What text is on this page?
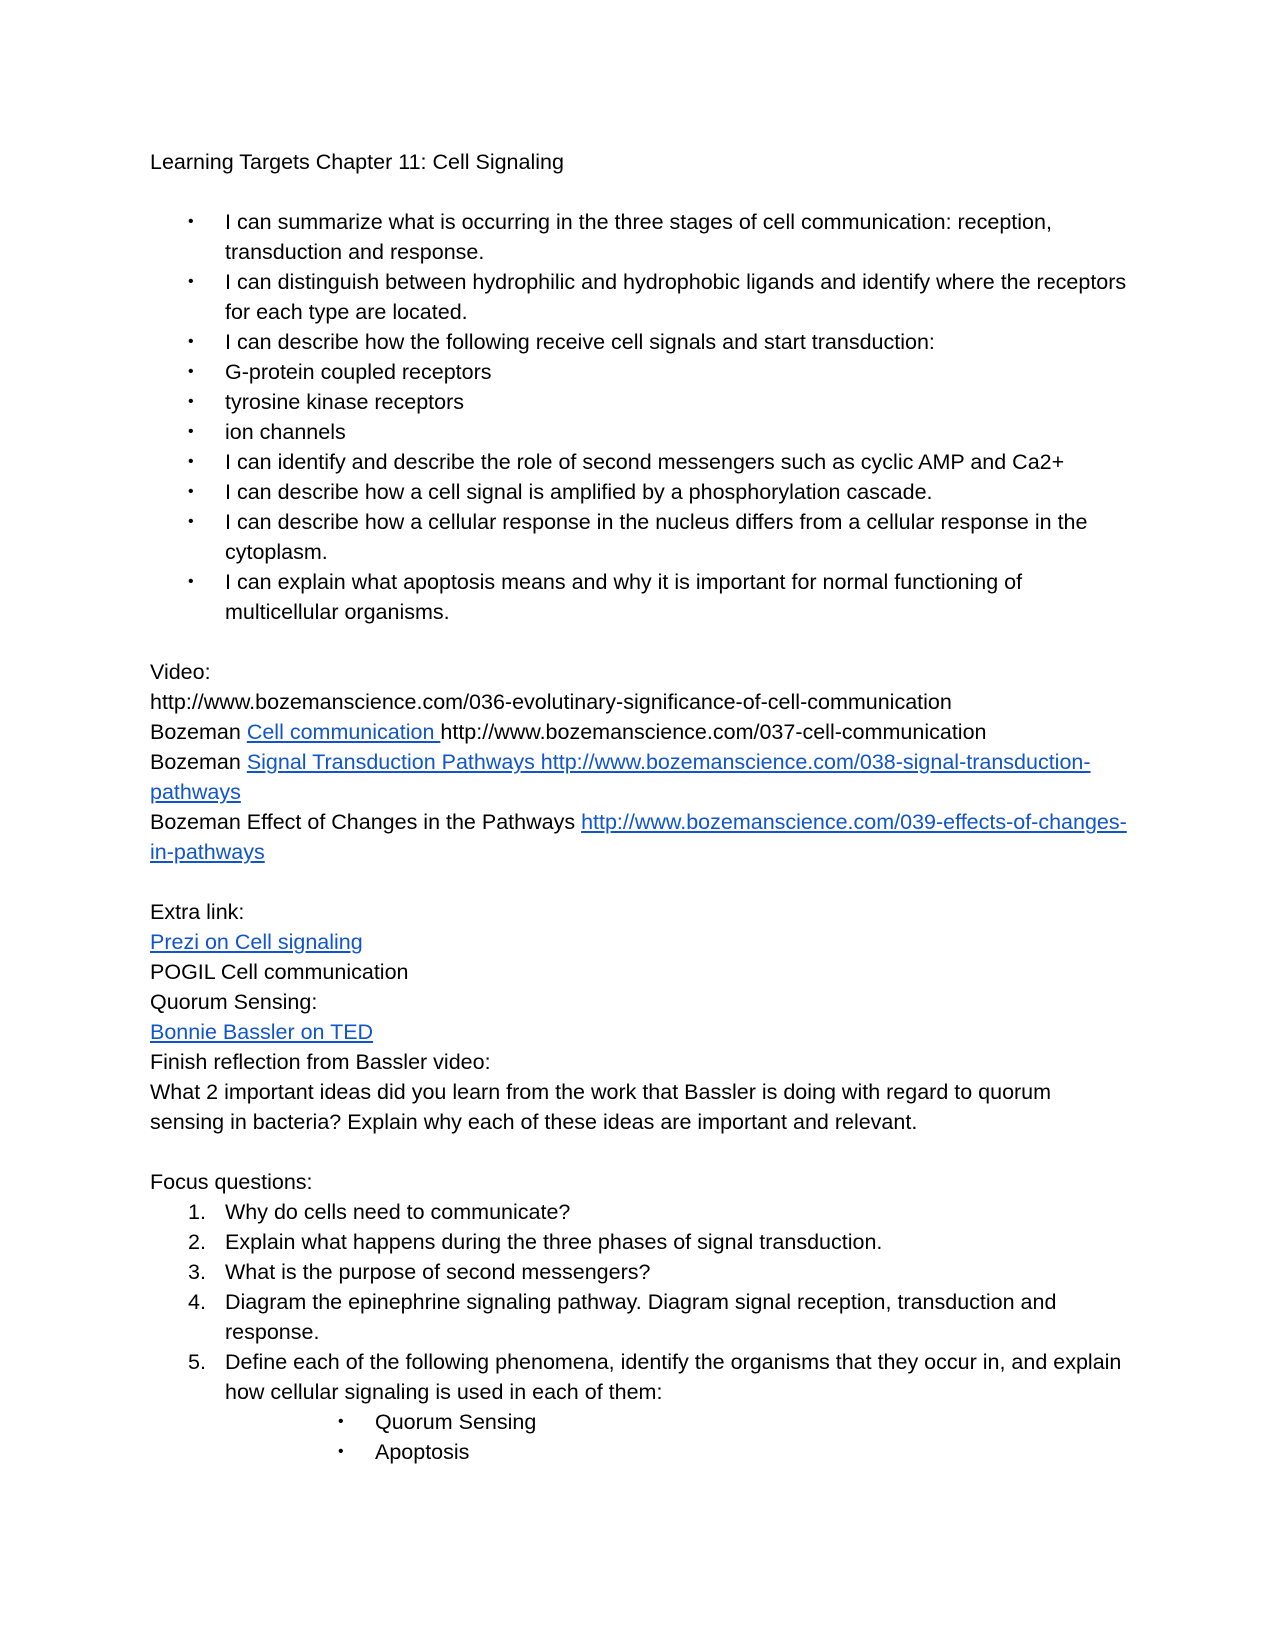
Learning Targets Chapter 11: Cell Signaling
• I can summarize what is occurring in the three stages of cell communication: reception, transduction and response.
• I can distinguish between hydrophilic and hydrophobic ligands and identify where the receptors for each type are located.
• I can describe how the following receive cell signals and start transduction:
• G-protein coupled receptors
• tyrosine kinase receptors
• ion channels
• I can identify and describe the role of second messengers such as cyclic AMP and Ca2+
• I can describe how a cell signal is amplified by a phosphorylation cascade.
• I can describe how a cellular response in the nucleus differs from a cellular response in the cytoplasm.
• I can explain what apoptosis means and why it is important for normal functioning of multicellular organisms.
Video:
http://www.bozemanscience.com/036-evolutinary-significance-of-cell-communication
Bozeman Cell communication http://www.bozemanscience.com/037-cell-communication
Bozeman Signal Transduction Pathways http://www.bozemanscience.com/038-signal-transduction-pathways
Bozeman Effect of Changes in the Pathways http://www.bozemanscience.com/039-effects-of-changes-in-pathways
Extra link:
Prezi on Cell signaling
POGIL Cell communication
Quorum Sensing:
Bonnie Bassler on TED
Finish reflection from Bassler video:
What 2 important ideas did you learn from the work that Bassler is doing with regard to quorum sensing in bacteria? Explain why each of these ideas are important and relevant.
Focus questions:
1. Why do cells need to communicate?
2. Explain what happens during the three phases of signal transduction.
3. What is the purpose of second messengers?
4. Diagram the epinephrine signaling pathway. Diagram signal reception, transduction and response.
5. Define each of the following phenomena, identify the organisms that they occur in, and explain how cellular signaling is used in each of them:
• Quorum Sensing
• Apoptosis
